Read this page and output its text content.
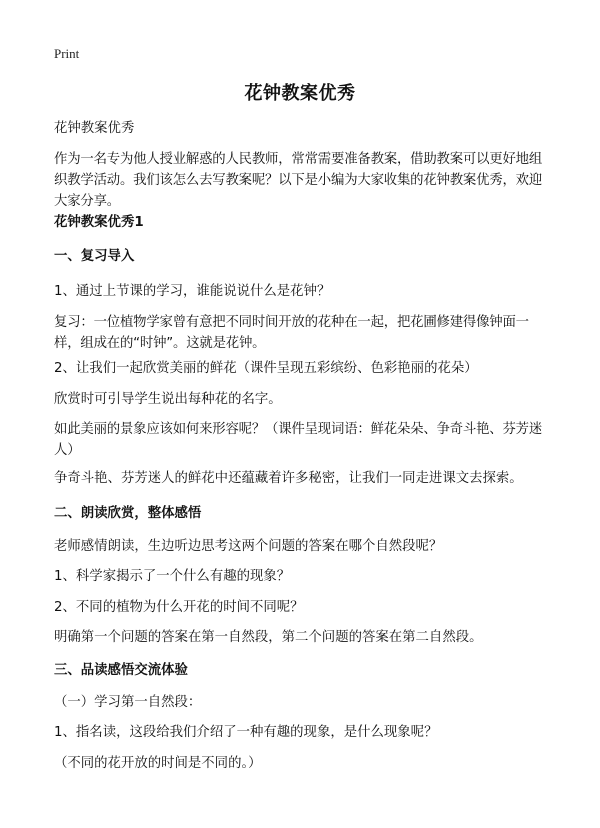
Print
花钟教案优秀
花钟教案优秀
作为一名专为他人授业解惑的人民教师，常常需要准备教案，借助教案可以更好地组织教学活动。我们该怎么去写教案呢？以下是小编为大家收集的花钟教案优秀，欢迎大家分享。
花钟教案优秀1
一、复习导入
1、通过上节课的学习，谁能说说什么是花钟？
复习：一位植物学家曾有意把不同时间开放的花种在一起，把花圃修建得像钟面一样，组成在的“时钟”。这就是花钟。
2、让我们一起欣赏美丽的鲜花（课件呈现五彩缤纷、色彩艳丽的花朵）
欣赏时可引导学生说出每种花的名字。
如此美丽的景象应该如何来形容呢？（课件呈现词语：鲜花朵朵、争奇斗艳、芬芳迷人）
争奇斗艳、芬芳迷人的鲜花中还蕴藏着许多秘密，让我们一同走进课文去探索。
二、朗读欣赏，整体感悟
老师感情朗读，生边听边思考这两个问题的答案在哪个自然段呢？
1、科学家揭示了一个什么有趣的现象？
2、不同的植物为什么开花的时间不同呢？
明确第一个问题的答案在第一自然段，第二个问题的答案在第二自然段。
三、品读感悟交流体验
（一）学习第一自然段：
1、指名读，这段给我们介绍了一种有趣的现象，是什么现象呢？
（不同的花开放的时间是不同的。）
